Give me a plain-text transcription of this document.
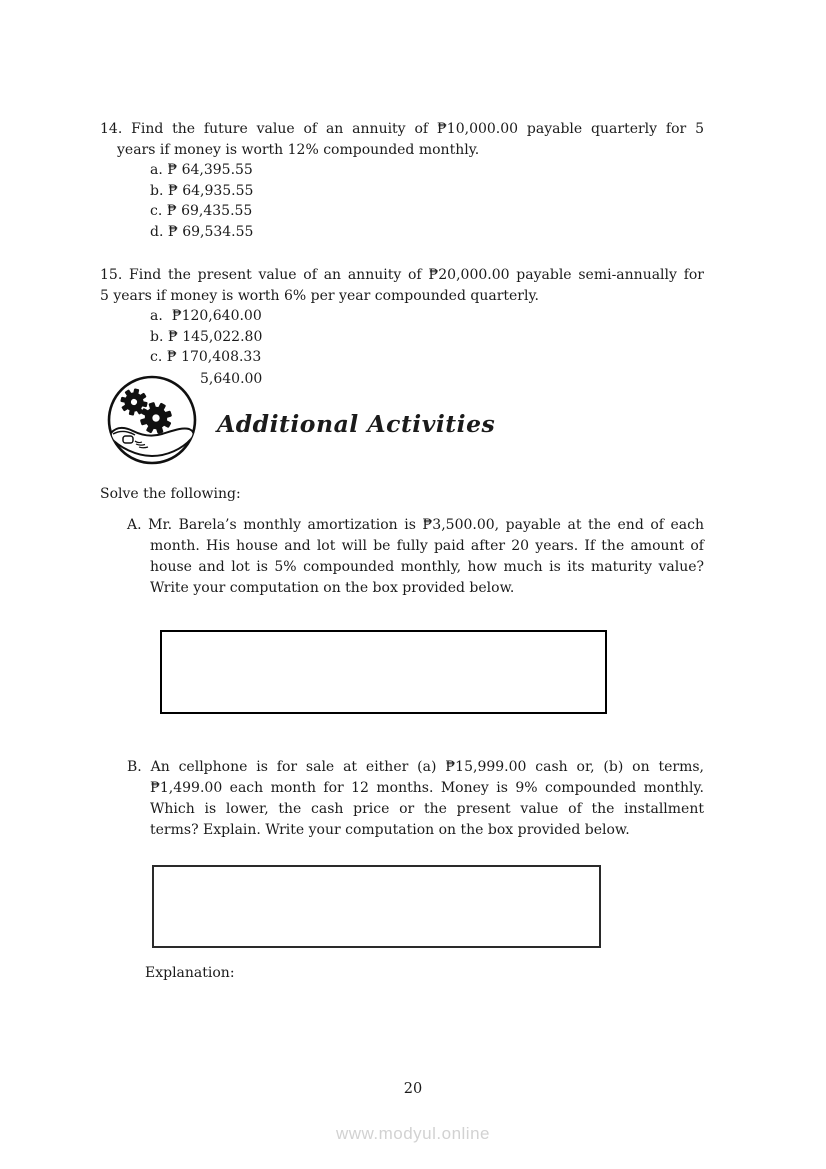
14. Find the future value of an annuity of ₱10,000.00 payable quarterly for 5
years if money is worth 12% compounded monthly.
a. ₱ 64,395.55
b. ₱ 64,935.55
c. ₱ 69,435.55
d. ₱ 69,534.55
15. Find the present value of an annuity of ₱20,000.00 payable semi-annually for
5 years if money is worth 6% per year compounded quarterly.
a.  ₱120,640.00
b. ₱ 145,022.80
c. ₱ 170,408.33
5,640.00
Additional Activities
Solve the following:
A. Mr. Barela’s monthly amortization is ₱3,500.00, payable at the end of each
month. His house and lot will be fully paid after 20 years. If the amount of
house and lot is 5% compounded monthly, how much is its maturity value?
Write your computation on the box provided below.
B. An cellphone is for sale at either (a) ₱15,999.00 cash or, (b) on terms,
₱1,499.00 each month for 12 months. Money is 9% compounded monthly.
Which is lower, the cash price or the present value of the installment
terms? Explain. Write your computation on the box provided below.
Explanation:
20
www.modyul.online
